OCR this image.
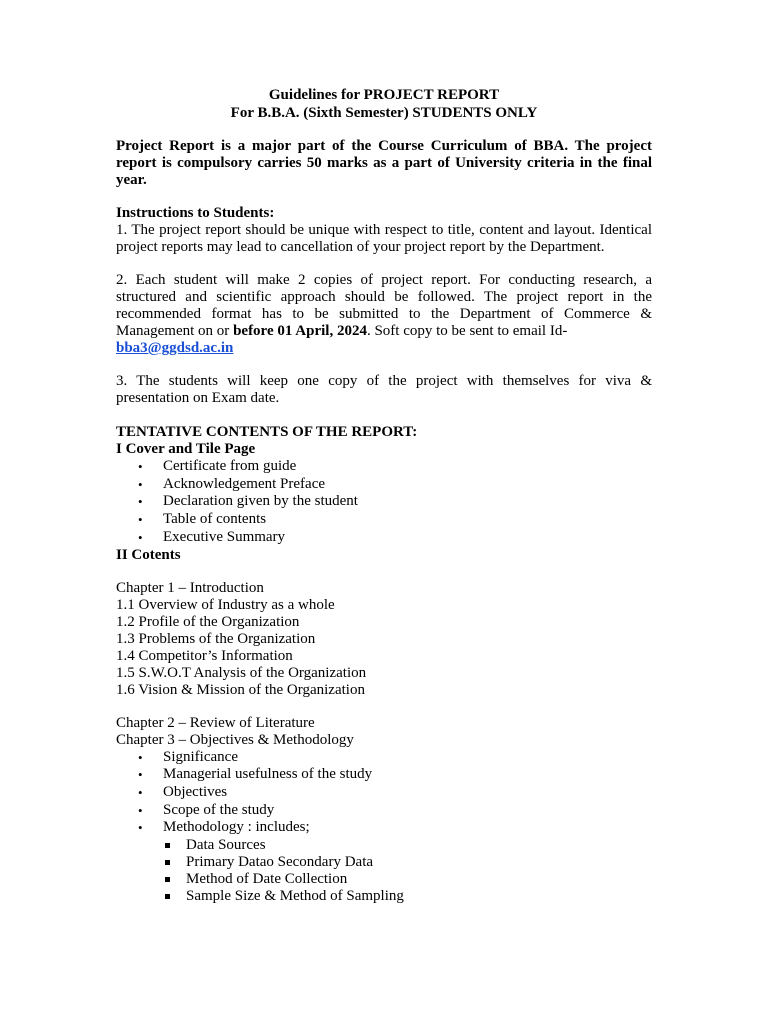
Guidelines for PROJECT REPORT
For B.B.A. (Sixth Semester) STUDENTS ONLY
Project Report is a major part of the Course Curriculum of BBA. The project report is compulsory carries 50 marks as a part of University criteria in the final year.
Instructions to Students:
1. The project report should be unique with respect to title, content and layout. Identical project reports may lead to cancellation of your project report by the Department.
2. Each student will make 2 copies of project report. For conducting research, a structured and scientific approach should be followed. The project report in the recommended format has to be submitted to the Department of Commerce & Management on or before 01 April, 2024. Soft copy to be sent to email Id-
bba3@ggdsd.ac.in
3. The students will keep one copy of the project with themselves for viva & presentation on Exam date.
TENTATIVE CONTENTS OF THE REPORT:
I Cover and Tile Page
• Certificate from guide
• Acknowledgement Preface
• Declaration given by the student
• Table of contents
• Executive Summary
II Cotents
Chapter 1 – Introduction
1.1 Overview of Industry as a whole
1.2 Profile of the Organization
1.3 Problems of the Organization
1.4 Competitor’s Information
1.5 S.W.O.T Analysis of the Organization
1.6 Vision & Mission of the Organization
Chapter 2 – Review of Literature
Chapter 3 – Objectives & Methodology
• Significance
• Managerial usefulness of the study
• Objectives
• Scope of the study
• Methodology : includes;
Data Sources
Primary Datao Secondary Data
Method of Date Collection
Sample Size & Method of Sampling
